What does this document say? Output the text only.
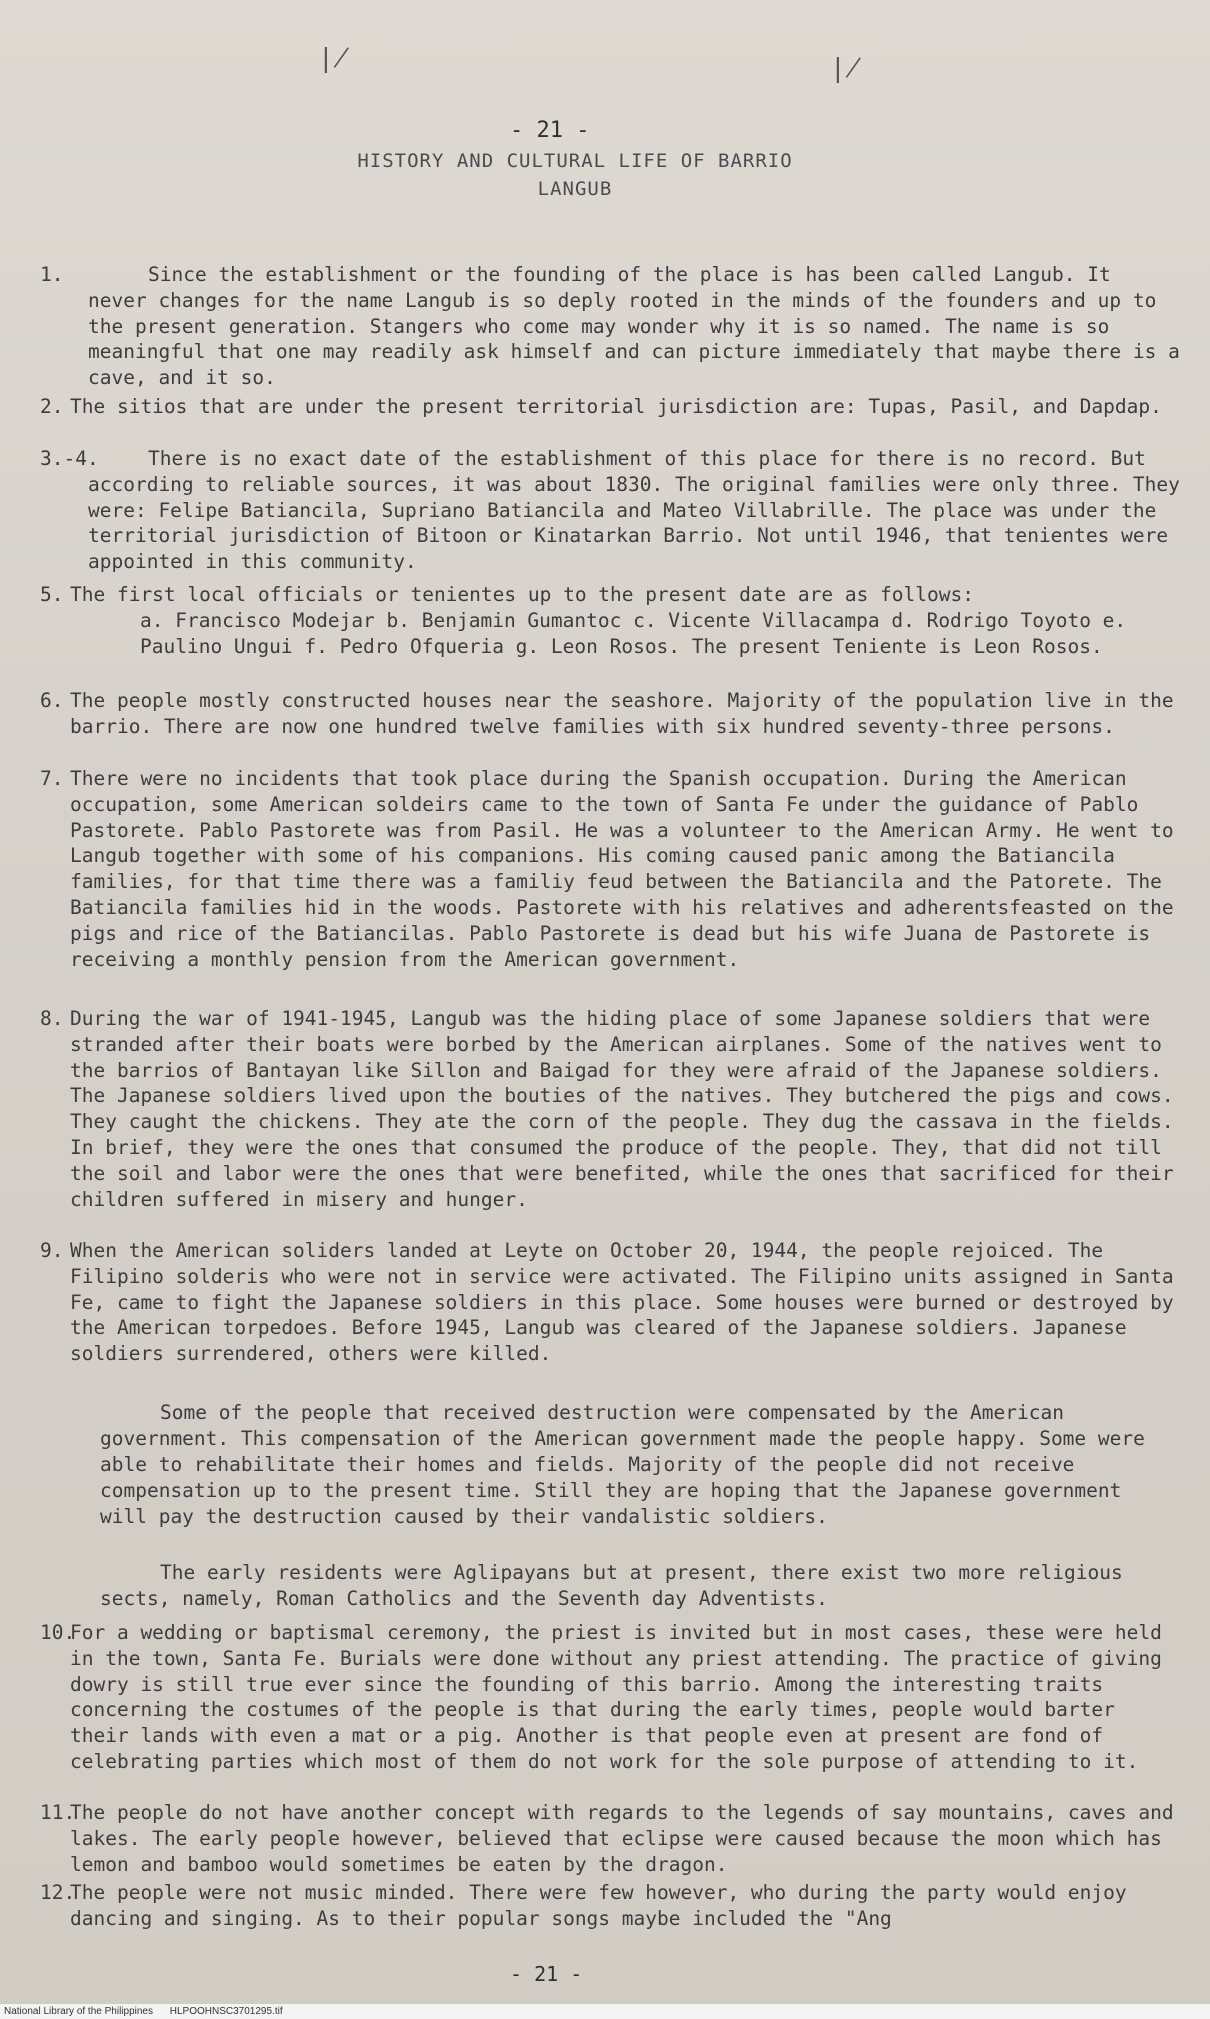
∤	∤
- 21 -
HISTORY AND CULTURAL LIFE OF BARRIO
LANGUB
1.	Since the establishment or the founding of the place is has been called Langub. It never changes for the name Langub is so deply rooted in the minds of the founders and up to the present generation. Stangers who come may wonder why it is so named. The name is so meaningful that one may readily ask himself and can picture immediately that maybe there is a cave, and it so.
2. The sitios that are under the present territorial jurisdiction are: Tupas, Pasil, and Dapdap.
3.-4.	There is no exact date of the establishment of this place for there is no record. But according to reliable sources, it was about 1830. The original families were only three. They were: Felipe Batiancila, Supriano Batiancila and Mateo Villabrille. The place was under the territorial jurisdiction of Bitoon or Kinatarkan Barrio. Not until 1946, that tenientes were appointed in this community.
5. The first local officials or tenientes up to the present date are as follows:
a. Francisco Modejar b. Benjamin Gumantoc c. Vicente Villacampa d. Rodrigo Toyoto e. Paulino Ungui f. Pedro Ofqueria g. Leon Rosos. The present Teniente is Leon Rosos.
6. The people mostly constructed houses near the seashore. Majority of the population live in the barrio. There are now one hundred twelve families with six hundred seventy-three persons.
7. There were no incidents that took place during the Spanish occupation. During the American occupation, some American soldeirs came to the town of Santa Fe under the guidance of Pablo Pastorete. Pablo Pastorete was from Pasil. He was a volunteer to the American Army. He went to Langub together with some of his companions. His coming caused panic among the Batiancila families, for that time there was a familiy feud between the Batiancila and the Patorete. The Batiancila families hid in the woods. Pastorete with his relatives and adherentsfeasted on the pigs and rice of the Batiancilas. Pablo Pastorete is dead but his wife Juana de Pastorete is receiving a monthly pension from the American government.
8. During the war of 1941-1945, Langub was the hiding place of some Japanese soldiers that were stranded after their boats were borbed by the American airplanes. Some of the natives went to the barrios of Bantayan like Sillon and Baigad for they were afraid of the Japanese soldiers. The Japanese soldiers lived upon the bouties of the natives. They butchered the pigs and cows. They caught the chickens. They ate the corn of the people. They dug the cassava in the fields. In brief, they were the ones that consumed the produce of the people. They, that did not till the soil and labor were the ones that were benefited, while the ones that sacrificed for their children suffered in misery and hunger.
9. When the American soliders landed at Leyte on October 20, 1944, the people rejoiced. The Filipino solderis who were not in service were activated. The Filipino units assigned in Santa Fe, came to fight the Japanese soldiers in this place. Some houses were burned or destroyed by the American torpedoes. Before 1945, Langub was cleared of the Japanese soldiers. Japanese soldiers surrendered, others were killed.
Some of the people that received destruction were compensated by the American government. This compensation of the American government made the people happy. Some were able to rehabilitate their homes and fields. Majority of the people did not receive compensation up to the present time. Still they are hoping that the Japanese government will pay the destruction caused by their vandalistic soldiers.
The early residents were Aglipayans but at present, there exist two more religious sects, namely, Roman Catholics and the Seventh day Adventists.
10.
For a wedding or baptismal ceremony, the priest is invited but in most cases, these were held in the town, Santa Fe. Burials were done without any priest attending. The practice of giving dowry is still true ever since the founding of this barrio. Among the interesting traits concerning the costumes of the people is that during the early times, people would barter their lands with even a mat or a pig. Another is that people even at present are fond of celebrating parties which most of them do not work for the sole purpose of attending to it.
11.
The people do not have another concept with regards to the legends of say mountains, caves and lakes. The early people however, believed that eclipse were caused because the moon which has lemon and bamboo would sometimes be eaten by the dragon.
12.
The people were not music minded. There were few however, who during the party would enjoy dancing and singing. As to their popular songs maybe included the "Ang
- 21 -
National Library of the Philippines HLPOOHNSC3701295.tif
